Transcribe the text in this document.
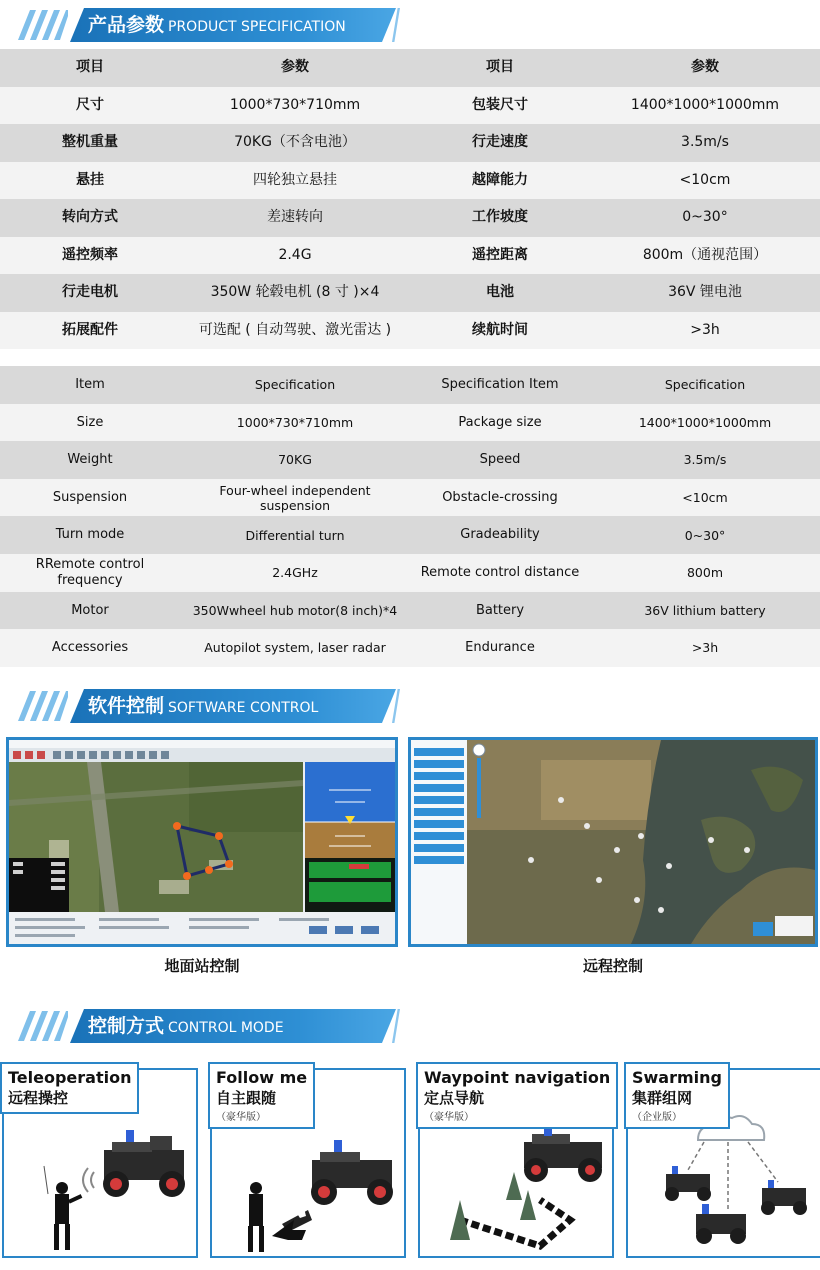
产品参数 PRODUCT SPECIFICATION
项目	参数	项目	参数
尺寸	1000*730*710mm	包装尺寸	1400*1000*1000mm
整机重量	70KG（不含电池）	行走速度	3.5m/s
悬挂	四轮独立悬挂	越障能力	<10cm
转向方式	差速转向	工作坡度	0~30°
遥控频率	2.4G	遥控距离	800m（通视范围）
行走电机	350W 轮毂电机 (8 寸 )×4	电池	36V 锂电池
拓展配件	可选配 ( 自动驾驶、激光雷达 )	续航时间	>3h
Item	Specification	Specification Item	Specification
Size	1000*730*710mm	Package size	1400*1000*1000mm
Weight	70KG	Speed	3.5m/s
Suspension	Four-wheel independent suspension	Obstacle-crossing	<10cm
Turn mode	Differential turn	Gradeability	0~30°
RRemote control frequency	2.4GHz	Remote control distance	800m
Motor	350Wwheel hub motor(8 inch)*4	Battery	36V lithium battery
Accessories	Autopilot system, laser radar	Endurance	>3h
软件控制 SOFTWARE CONTROL
地面站控制	远程控制
控制方式 CONTROL MODE
Teleoperation
远程操控
Follow me
自主跟随
（豪华版）
Waypoint navigation
定点导航
（豪华版）
Swarming
集群组网
（企业版）
